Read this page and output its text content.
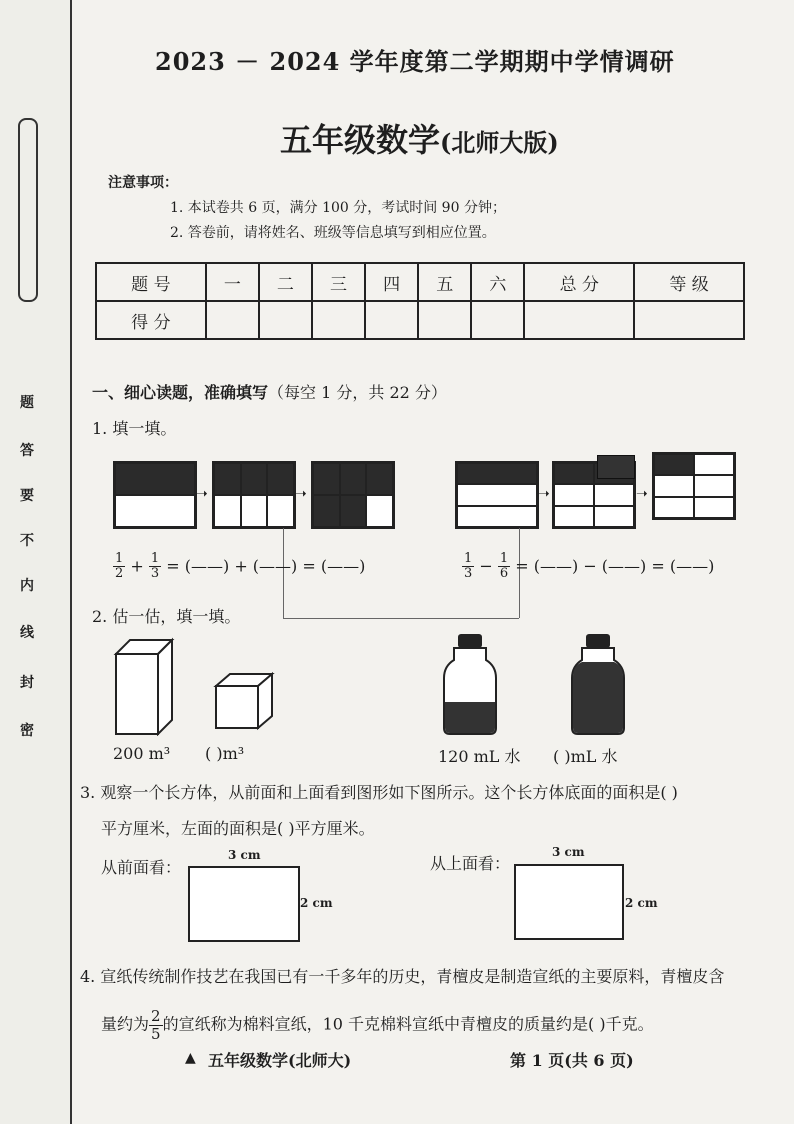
题
答
要
不
内
线
封
密
2023 － 2024 学年度第二学期期中学情调研
五年级数学(北师大版)
注意事项：
1. 本试卷共 6 页，满分 100 分，考试时间 90 分钟；
2. 答卷前，请将姓名、班级等信息填写到相应位置。
题 号	一	二	三	四	五	六	总 分	等 级
得 分								
一、细心读题，准确填写（每空 1 分，共 22 分）
1. 填一填。
➝	➝	➝	➝
$\frac{1}{2} + \frac{1}{3}$ = (——) + (——) = (——)	$\frac{1}{3} - \frac{1}{6}$ = (——) − (——) = (——)
2. 估一估，填一填。
200 m³ ( )m³	120 mL 水 ( )mL 水
3. 观察一个长方体，从前面和上面看到图形如下图所示。这个长方体底面的面积是( )
平方厘米，左面的面积是( )平方厘米。
从前面看：
3 cm
2 cm
从上面看：
3 cm
2 cm
4. 宣纸传统制作技艺在我国已有一千多年的历史，青檀皮是制造宣纸的主要原料，青檀皮含
量约为 $\frac{2}{5}$ 的宣纸称为棉料宣纸，10 千克棉料宣纸中青檀皮的质量约是( )千克。
▲ 五年级数学(北师大)	第 1 页(共 6 页)
